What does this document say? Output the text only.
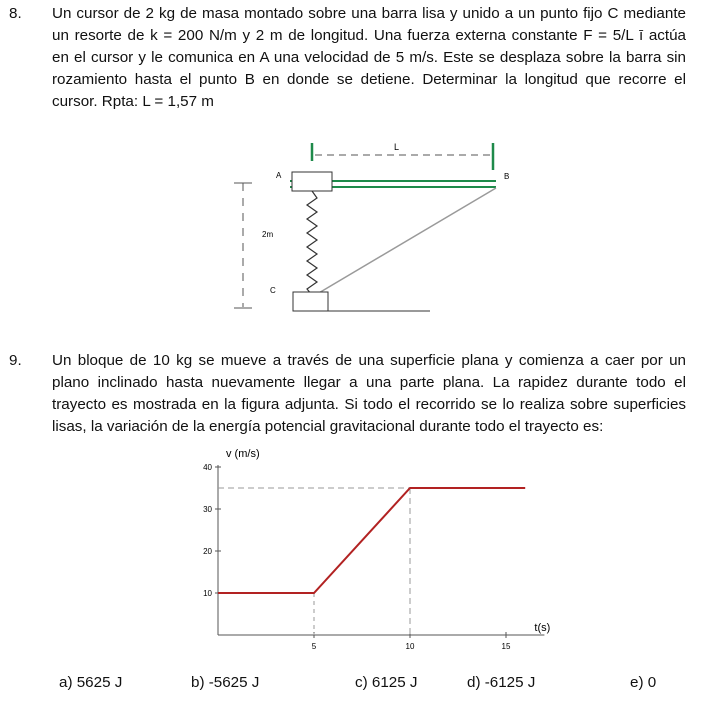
8. Un cursor de 2 kg de masa montado sobre una barra lisa y unido a un punto fijo C mediante
un resorte de k = 200 N/m y 2 m de longitud. Una fuerza externa constante F = 5/L ī actúa
en el cursor y le comunica en A una velocidad de 5 m/s. Este se desplaza sobre la barra sin
rozamiento hasta el punto B en donde se detiene. Determinar la longitud que recorre el
cursor. Rpta: L = 1,57 m
L
A	B
2m
C
9. Un bloque de 10 kg se mueve a través de una superficie plana y comienza a caer por un
plano inclinado hasta nuevamente llegar a una parte plana. La rapidez durante todo el
trayecto es mostrada en la figura adjunta. Si todo el recorrido se lo realiza sobre superficies
lisas, la variación de la energía potencial gravitacional durante todo el trayecto es:
10
20
30
40
5	10	15
v (m/s)
t(s)
a) 5625 J	b) -5625 J	c) 6125 J	d) -6125 J	e) 0
